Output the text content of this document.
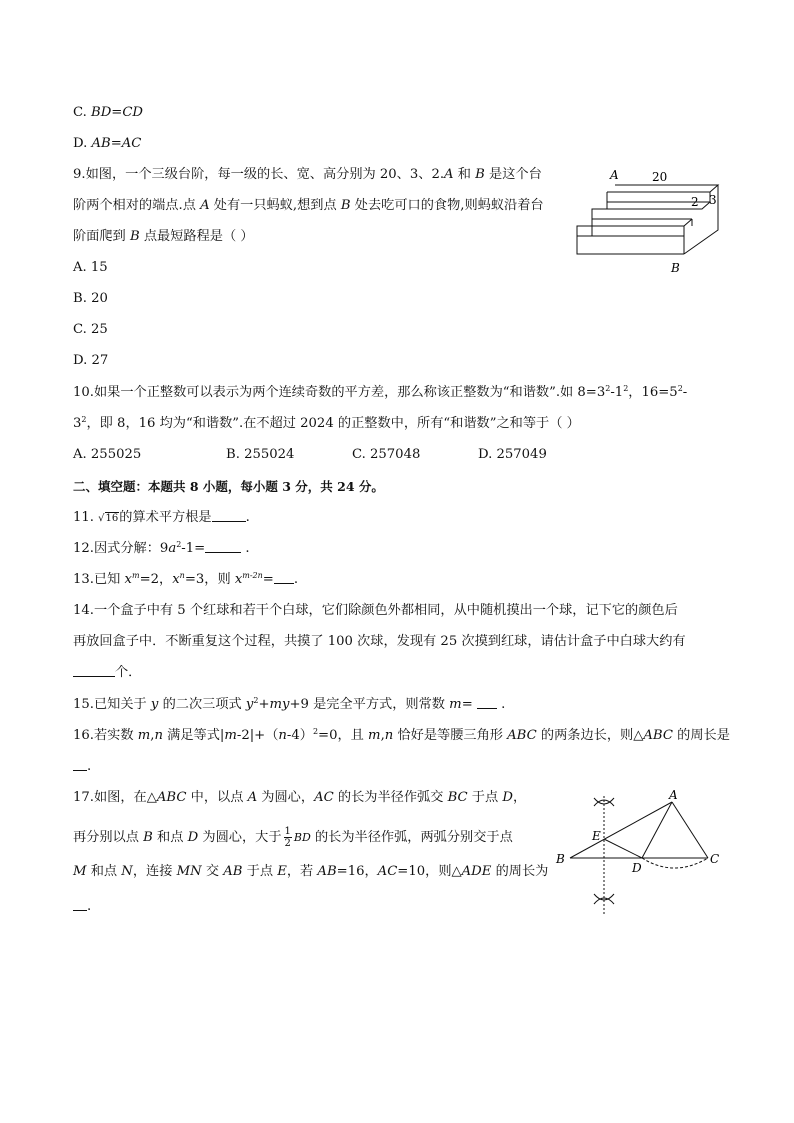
C. BD=CD
D. AB=AC
9.如图，一个三级台阶，每一级的长、宽、高分别为 20、3、2.A 和 B 是这个台
阶两个相对的端点.点 A 处有一只蚂蚁,想到点 B 处去吃可口的食物,则蚂蚁沿着台
阶面爬到 B 点最短路程是（ ）
A. 15
B. 20
C. 25
D. 27
A	20
2 3
B
10.如果一个正整数可以表示为两个连续奇数的平方差，那么称该正整数为“和谐数”.如 $8=3^2-1^2$，$16=5^2-$
$3^2$，即 8，16 均为“和谐数”.在不超过 2024 的正整数中，所有“和谐数”之和等于（ ）
A. 255025	B. 255024	C. 257048	D. 257049
二、填空题：本题共 8 小题，每小题 3 分，共 24 分。
11. √16的算术平方根是	.
12.因式分解：$9a^2-1=$	.
13.已知 $x^m=2$，$x^n=3$，则 $x^{m-2n}=$ .
14.一个盒子中有 5 个红球和若干个白球，它们除颜色外都相同，从中随机摸出一个球，记下它的颜色后
再放回盒子中．不断重复这个过程，共摸了 100 次球，发现有 25 次摸到红球，请估计盒子中白球大约有
个．
15.已知关于 y 的二次三项式 $y^2+my+9$ 是完全平方式，则常数 m=  .
16.若实数 m,n 满足等式$|m-2|+(n-4)^2=0$，且 m,n 恰好是等腰三角形 ABC 的两条边长，则△ABC 的周长是
.
17.如图，在△ABC 中，以点 A 为圆心，AC 的长为半径作弧交 BC 于点 D，
再分别以点 B 和点 D 为圆心，大于 $\frac{1}{2}$ BD 的长为半径作弧，两弧分别交于点
M 和点 N，连接 MN 交 AB 于点 E，若 AB=16，AC=10，则△ADE 的周长为
.
A
B	C
D
E
